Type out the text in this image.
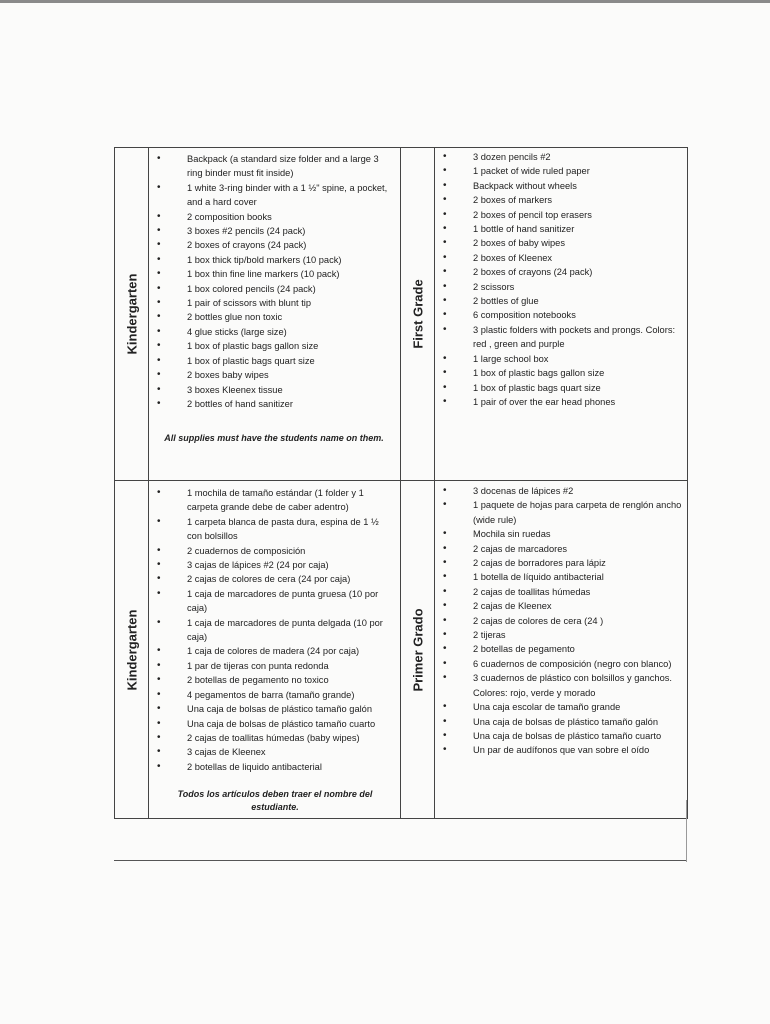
Kindergarten
• Backpack (a standard size folder and a large 3 ring binder must fit inside)
• 1 white 3-ring binder with a 1 ½" spine, a pocket, and a hard cover
• 2 composition books
• 3 boxes #2 pencils (24 pack)
• 2 boxes of crayons (24 pack)
• 1 box thick tip/bold markers (10 pack)
• 1 box thin fine line markers (10 pack)
• 1 box colored pencils (24 pack)
• 1 pair of scissors with blunt tip
• 2 bottles glue non toxic
• 4 glue sticks (large size)
• 1 box of plastic bags gallon size
• 1 box of plastic bags quart size
• 2 boxes baby wipes
• 3 boxes Kleenex tissue
• 2 bottles of hand sanitizer

All supplies must have the students name on them.

First Grade
• 3 dozen pencils #2
• 1 packet of wide ruled paper
• Backpack without wheels
• 2 boxes of markers
• 2 boxes of pencil top erasers
• 1 bottle of hand sanitizer
• 2 boxes of baby wipes
• 2 boxes of Kleenex
• 2 boxes of crayons (24 pack)
• 2 scissors
• 2 bottles of glue
• 6 composition notebooks
• 3 plastic folders with pockets and prongs. Colors: red , green and purple
• 1 large school box
• 1 box of plastic bags gallon size
• 1 box of plastic bags quart size
• 1 pair of over the ear head phones
Kindergarten
• 1 mochila de tamaño estándar (1 folder y 1 carpeta grande debe de caber adentro)
• 1 carpeta blanca de pasta dura, espina de 1 ½ con bolsillos
• 2 cuadernos de composición
• 3 cajas de lápices #2 (24 por caja)
• 2 cajas de colores de cera (24 por caja)
• 1 caja de marcadores de punta gruesa (10 por caja)
• 1 caja de marcadores de punta delgada (10 por caja)
• 1 caja de colores de madera (24 por caja)
• 1 par de tijeras con punta redonda
• 2 botellas de pegamento no toxico
• 4 pegamentos de barra (tamaño grande)
• Una caja de bolsas de plástico tamaño galón
• Una caja de bolsas de plástico tamaño cuarto
• 2 cajas de toallitas húmedas (baby wipes)
• 3 cajas de Kleenex
• 2 botellas de liquido antibacterial

Todos los artículos deben traer el nombre del estudiante.

Primer Grado
• 3 docenas de lápices #2
• 1 paquete de hojas para carpeta de renglón ancho (wide rule)
• Mochila sin ruedas
• 2 cajas de marcadores
• 2 cajas de borradores para lápiz
• 1 botella de líquido antibacterial
• 2 cajas de toallitas húmedas
• 2 cajas de Kleenex
• 2 cajas de colores de cera (24 )
• 2 tijeras
• 2 botellas de pegamento
• 6 cuadernos de composición (negro con blanco)
• 3 cuadernos de plástico con bolsillos y ganchos. Colores: rojo, verde y morado
• Una caja escolar de tamaño grande
• Una caja de bolsas de plástico tamaño galón
• Una caja de bolsas de plástico tamaño cuarto
• Un par de audífonos que van sobre el oído
